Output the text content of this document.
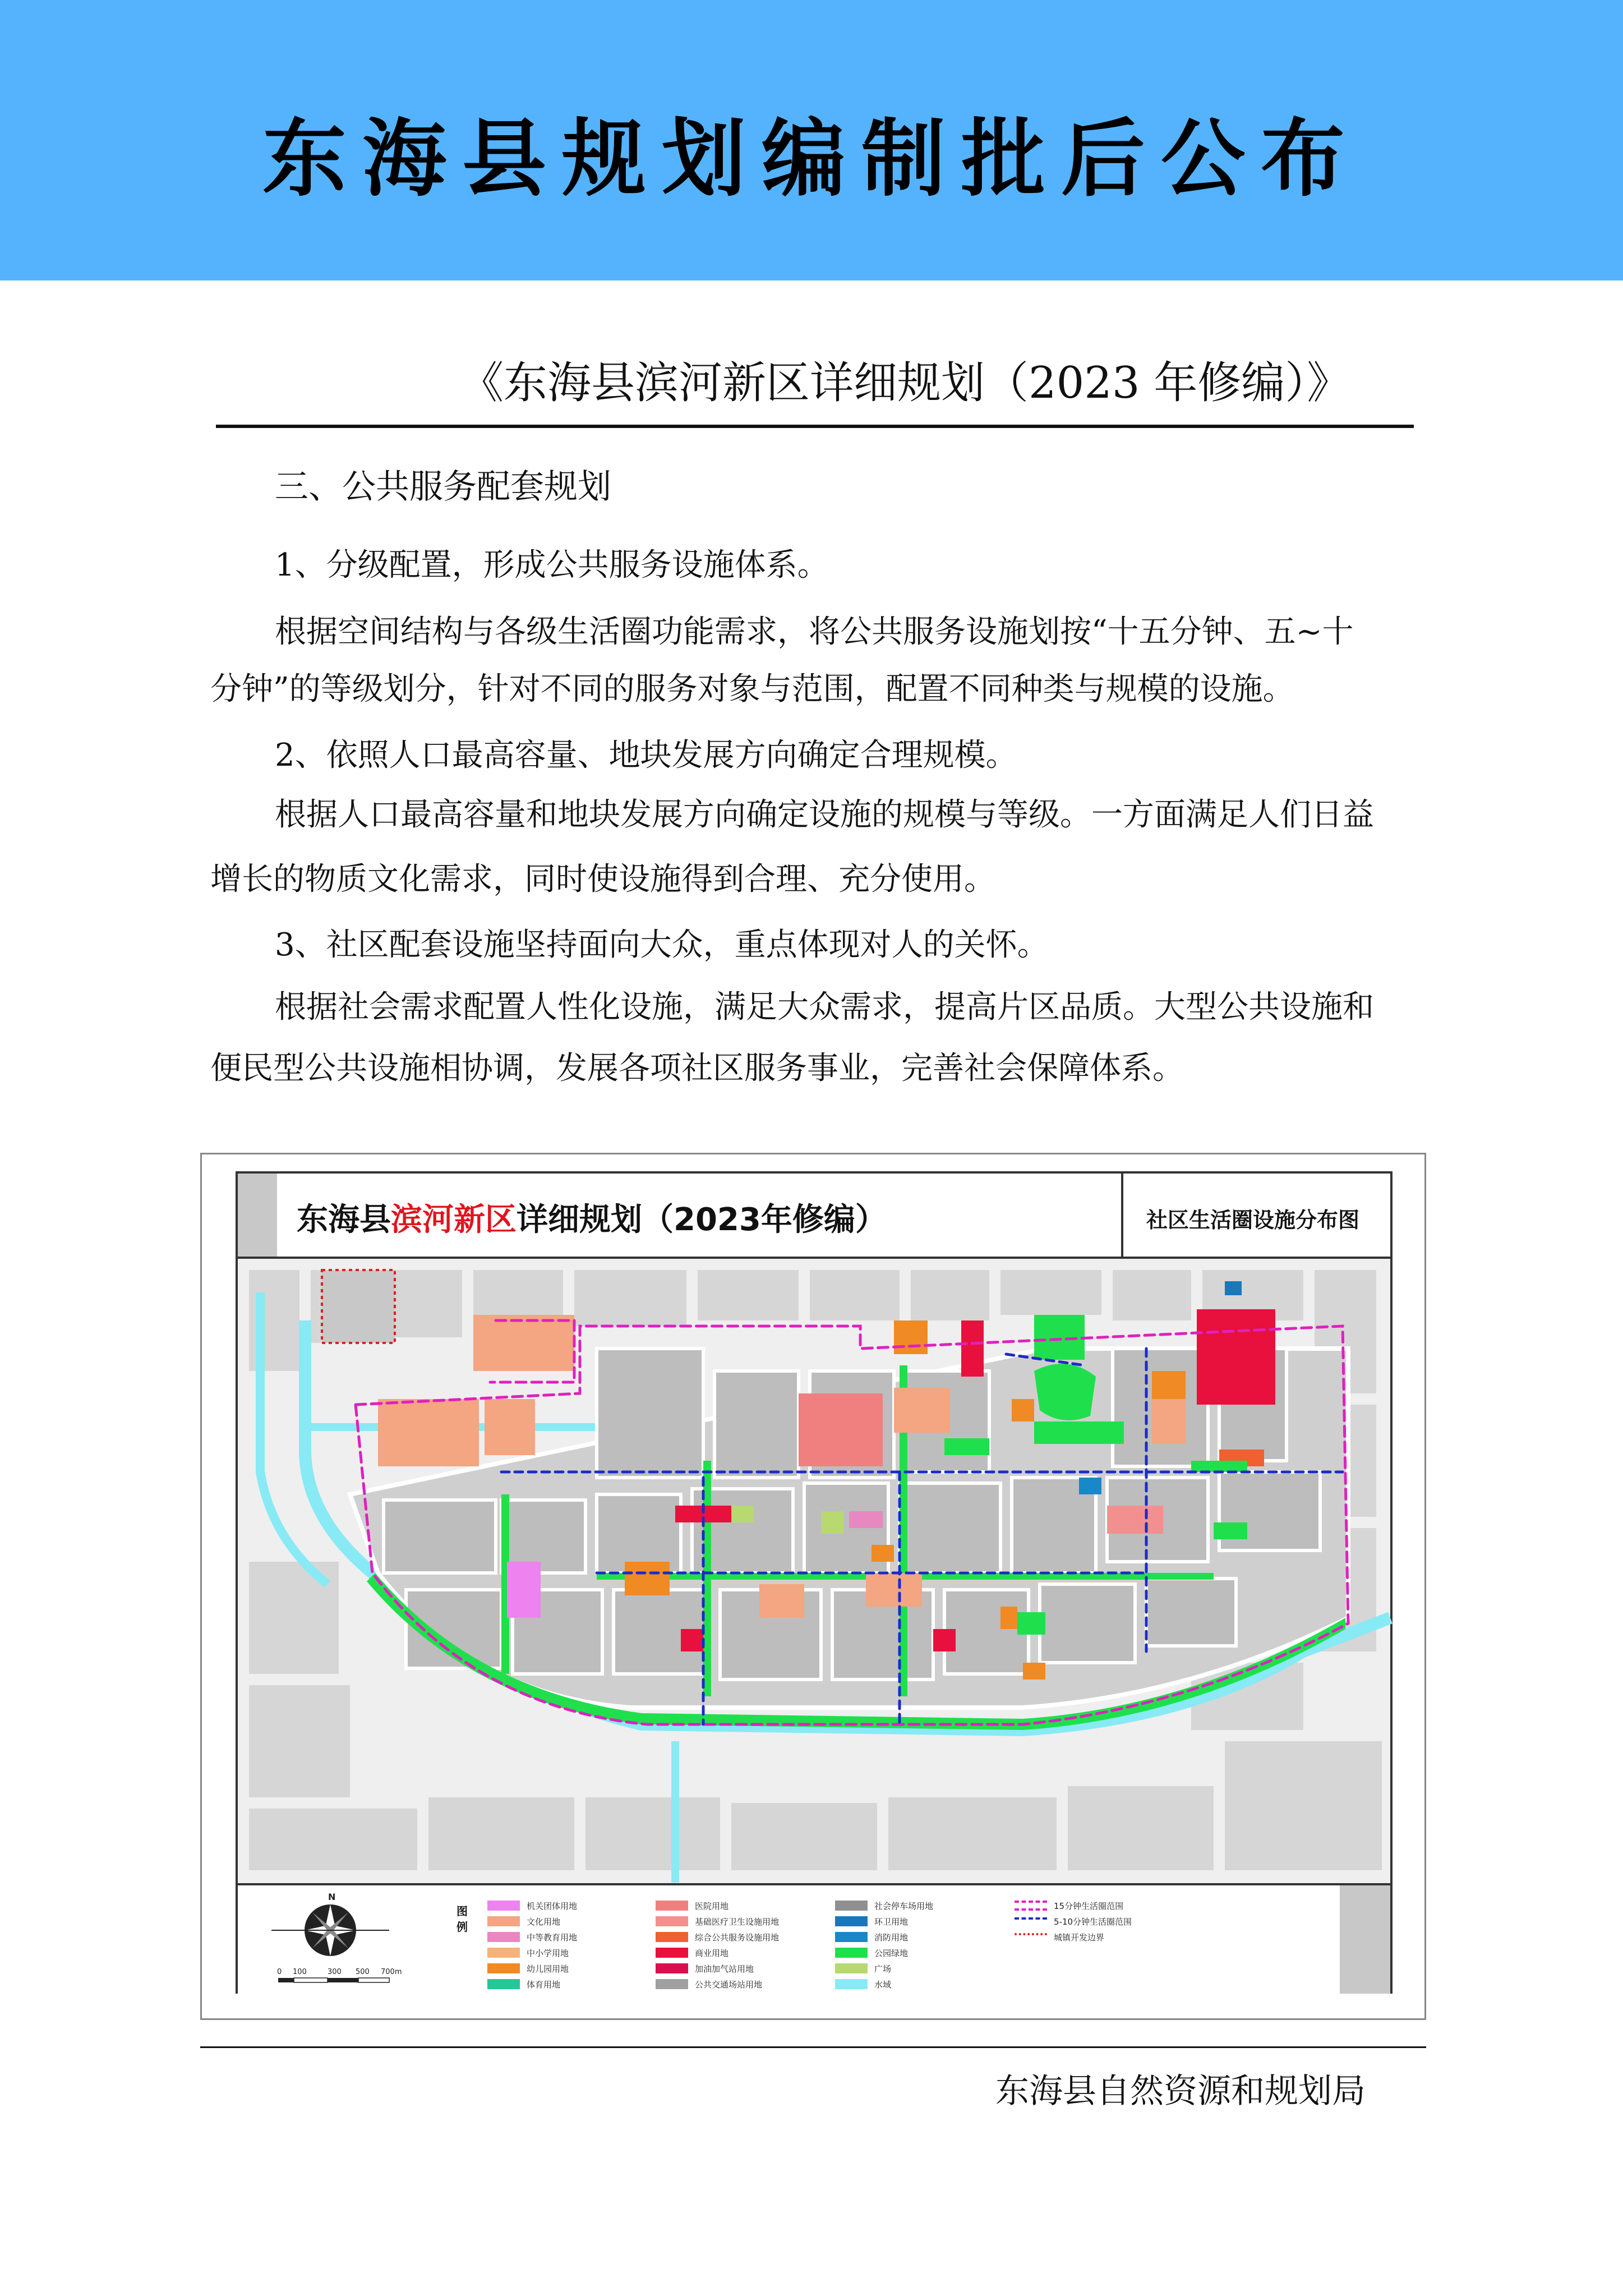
东海县规划编制批后公布
《东海县滨河新区详细规划（2023 年修编）》
三、公共服务配套规划
1、分级配置，形成公共服务设施体系。
根据空间结构与各级生活圈功能需求，将公共服务设施划按“十五分钟、五~十
分钟”的等级划分，针对不同的服务对象与范围，配置不同种类与规模的设施。
2、依照人口最高容量、地块发展方向确定合理规模。
根据人口最高容量和地块发展方向确定设施的规模与等级。一方面满足人们日益
增长的物质文化需求，同时使设施得到合理、充分使用。
3、社区配套设施坚持面向大众，重点体现对人的关怀。
根据社会需求配置人性化设施，满足大众需求，提高片区品质。大型公共设施和
便民型公共设施相协调，发展各项社区服务事业，完善社会保障体系。
东海县滨河新区详细规划（2023年修编）	社区生活圈设施分布图
N
0 100	300 500 700m
图
例
机关团体用地
文化用地
中等教育用地
中小学用地
幼儿园用地
体育用地
医院用地
基础医疗卫生设施用地
综合公共服务设施用地
商业用地
加油加气站用地
公共交通场站用地
社会停车场用地
环卫用地
消防用地
公园绿地
广场
水域
15分钟生活圈范围
5-10分钟生活圈范围
城镇开发边界
东海县自然资源和规划局
